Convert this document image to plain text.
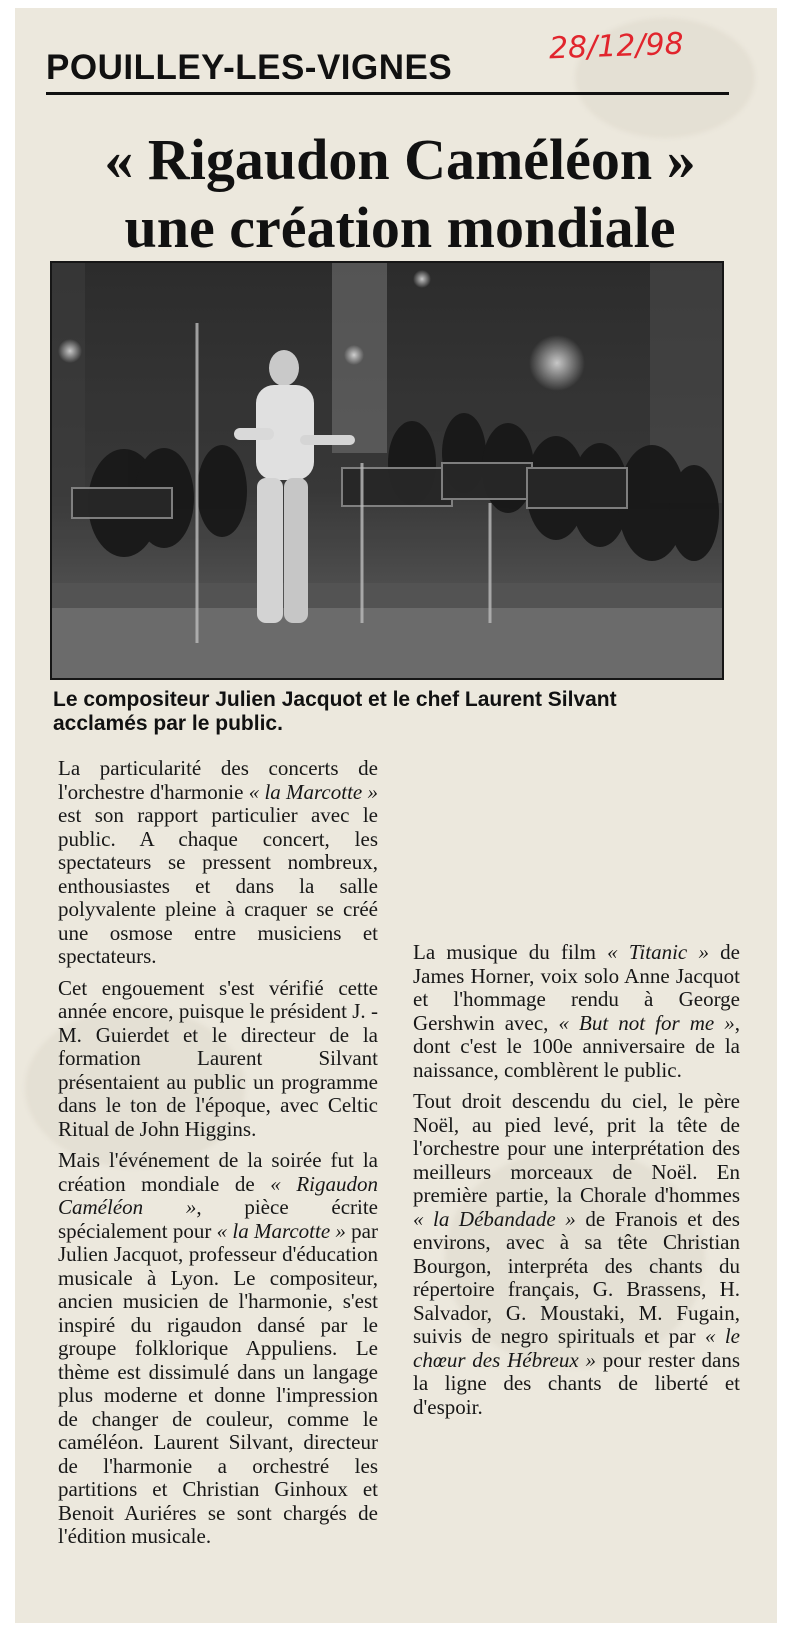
POUILLEY-LES-VIGNES
28/12/98
« Rigaudon Caméléon »
une création mondiale
Le compositeur Julien Jacquot et le chef Laurent Silvant
acclamés par le public.

La particularité des concerts de l'orchestre d'harmonie « la Marcotte » est son rapport particulier avec le public. A chaque concert, les spectateurs se pressent nombreux, enthousiastes et dans la salle polyvalente pleine à craquer se créé une osmose entre musiciens et spectateurs.

Cet engouement s'est vérifié cette année encore, puisque le président J. -M. Guierdet et le directeur de la formation Laurent Silvant présentaient au public un programme dans le ton de l'époque, avec Celtic Ritual de John Higgins.

Mais l'événement de la soirée fut la création mondiale de « Rigaudon Caméléon », pièce écrite spécialement pour « la Marcotte » par Julien Jacquot, professeur d'éducation musicale à Lyon. Le compositeur, ancien musicien de l'harmonie, s'est inspiré du rigaudon dansé par le groupe folklorique Appuliens. Le thème est dissimulé dans un langage plus moderne et donne l'impression de changer de couleur, comme le caméléon. Laurent Silvant, directeur de l'harmonie a orchestré les partitions et Christian Ginhoux et Benoit Auriéres se sont chargés de l'édition musicale.

La musique du film « Titanic » de James Horner, voix solo Anne Jacquot et l'hommage rendu à George Gershwin avec, « But not for me », dont c'est le 100e anniversaire de la naissance, comblèrent le public.

Tout droit descendu du ciel, le père Noël, au pied levé, prit la tête de l'orchestre pour une interprétation des meilleurs morceaux de Noël. En première partie, la Chorale d'hommes « la Débandade » de Franois et des environs, avec à sa tête Christian Bourgon, interpréta des chants du répertoire français, G. Brassens, H. Salvador, G. Moustaki, M. Fugain, suivis de negro spirituals et par « le chœur des Hébreux » pour rester dans la ligne des chants de liberté et d'espoir.
